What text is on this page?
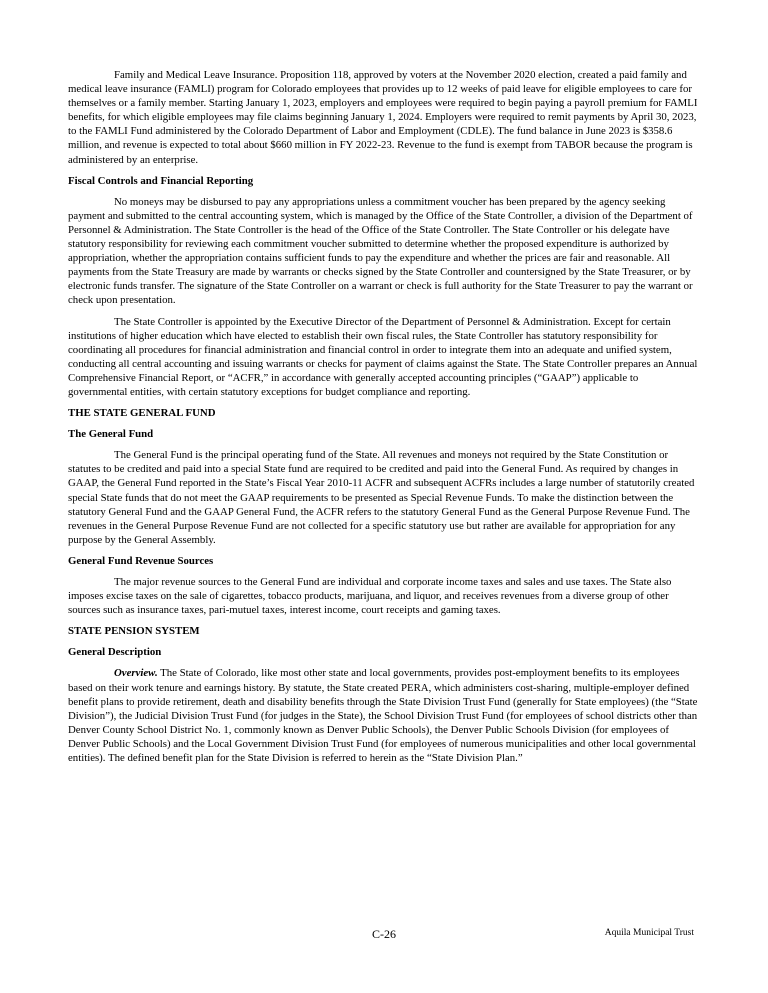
Family and Medical Leave Insurance. Proposition 118, approved by voters at the November 2020 election, created a paid family and medical leave insurance (FAMLI) program for Colorado employees that provides up to 12 weeks of paid leave for eligible employees to care for themselves or a family member. Starting January 1, 2023, employers and employees were required to begin paying a payroll premium for FAMLI benefits, for which eligible employees may file claims beginning January 1, 2024. Employers were required to remit payments by April 30, 2023, to the FAMLI Fund administered by the Colorado Department of Labor and Employment (CDLE). The fund balance in June 2023 is $358.6 million, and revenue is expected to total about $660 million in FY 2022-23. Revenue to the fund is exempt from TABOR because the program is administered by an enterprise.

Fiscal Controls and Financial Reporting

No moneys may be disbursed to pay any appropriations unless a commitment voucher has been prepared by the agency seeking payment and submitted to the central accounting system, which is managed by the Office of the State Controller, a division of the Department of Personnel & Administration. The State Controller is the head of the Office of the State Controller. The State Controller or his delegate have statutory responsibility for reviewing each commitment voucher submitted to determine whether the proposed expenditure is authorized by appropriation, whether the appropriation contains sufficient funds to pay the expenditure and whether the prices are fair and reasonable. All payments from the State Treasury are made by warrants or checks signed by the State Controller and countersigned by the State Treasurer, or by electronic funds transfer. The signature of the State Controller on a warrant or check is full authority for the State Treasurer to pay the warrant or check upon presentation.

The State Controller is appointed by the Executive Director of the Department of Personnel & Administration. Except for certain institutions of higher education which have elected to establish their own fiscal rules, the State Controller has statutory responsibility for coordinating all procedures for financial administration and financial control in order to integrate them into an adequate and unified system, conducting all central accounting and issuing warrants or checks for payment of claims against the State. The State Controller prepares an Annual Comprehensive Financial Report, or “ACFR,” in accordance with generally accepted accounting principles (“GAAP”) applicable to governmental entities, with certain statutory exceptions for budget compliance and reporting.

THE STATE GENERAL FUND

The General Fund

The General Fund is the principal operating fund of the State. All revenues and moneys not required by the State Constitution or statutes to be credited and paid into a special State fund are required to be credited and paid into the General Fund. As required by changes in GAAP, the General Fund reported in the State’s Fiscal Year 2010-11 ACFR and subsequent ACFRs includes a large number of statutorily created special State funds that do not meet the GAAP requirements to be presented as Special Revenue Funds. To make the distinction between the statutory General Fund and the GAAP General Fund, the ACFR refers to the statutory General Fund as the General Purpose Revenue Fund. The revenues in the General Purpose Revenue Fund are not collected for a specific statutory use but rather are available for appropriation for any purpose by the General Assembly.

General Fund Revenue Sources

The major revenue sources to the General Fund are individual and corporate income taxes and sales and use taxes. The State also imposes excise taxes on the sale of cigarettes, tobacco products, marijuana, and liquor, and receives revenues from a diverse group of other sources such as insurance taxes, pari-mutuel taxes, interest income, court receipts and gaming taxes.

STATE PENSION SYSTEM

General Description

Overview. The State of Colorado, like most other state and local governments, provides post-employment benefits to its employees based on their work tenure and earnings history. By statute, the State created PERA, which administers cost-sharing, multiple-employer defined benefit plans to provide retirement, death and disability benefits through the State Division Trust Fund (generally for State employees) (the “State Division”), the Judicial Division Trust Fund (for judges in the State), the School Division Trust Fund (for employees of school districts other than Denver County School District No. 1, commonly known as Denver Public Schools), the Denver Public Schools Division (for employees of Denver Public Schools) and the Local Government Division Trust Fund (for employees of numerous municipalities and other local governmental entities). The defined benefit plan for the State Division is referred to herein as the “State Division Plan.”

C-26	Aquila Municipal Trust
